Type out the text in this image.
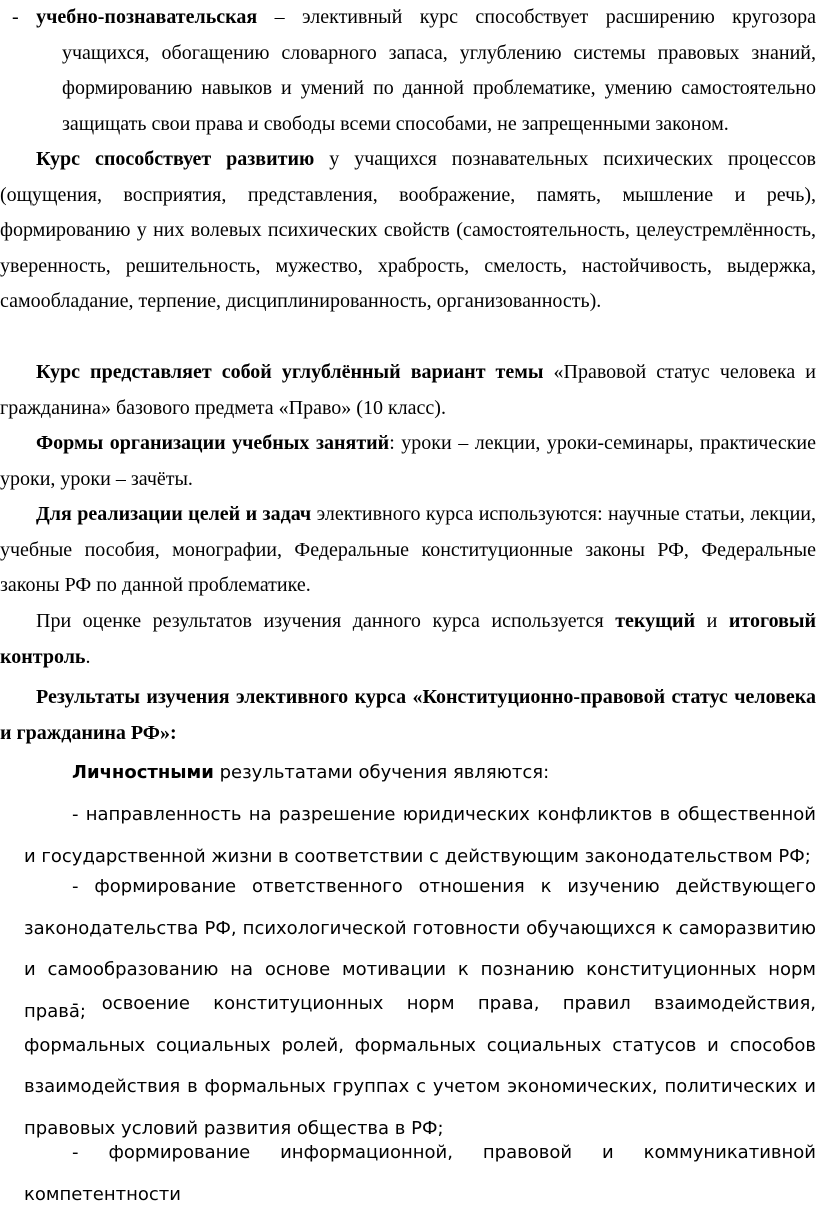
- учебно-познавательская – элективный курс способствует расширению кругозора учащихся, обогащению словарного запаса, углублению системы правовых знаний, формированию навыков и умений по данной проблематике, умению самостоятельно защищать свои права и свободы всеми способами, не запрещенными законом.

Курс способствует развитию у учащихся познавательных психических процессов (ощущения, восприятия, представления, воображение, память, мышление и речь), формированию у них волевых психических свойств (самостоятельность, целеустремлённость, уверенность, решительность, мужество, храбрость, смелость, настойчивость, выдержка, самообладание, терпение, дисциплинированность, организованность).

Курс представляет собой углублённый вариант темы «Правовой статус человека и гражданина» базового предмета «Право» (10 класс).

Формы организации учебных занятий: уроки – лекции, уроки-семинары, практические уроки, уроки – зачёты.

Для реализации целей и задач элективного курса используются: научные статьи, лекции, учебные пособия, монографии, Федеральные конституционные законы РФ, Федеральные законы РФ по данной проблематике.

При оценке результатов изучения данного курса используется текущий и итоговый контроль.

Результаты изучения элективного курса «Конституционно-правовой статус человека и гражданина РФ»:

Личностными результатами обучения являются:

- направленность на разрешение юридических конфликтов в общественной и государственной жизни в соответствии с действующим законодательством РФ;

- формирование ответственного отношения к изучению действующего законодательства РФ, психологической готовности обучающихся к саморазвитию и самообразованию на основе мотивации к познанию конституционных норм права;

- освоение конституционных норм права, правил взаимодействия, формальных социальных ролей, формальных социальных статусов и способов взаимодействия в формальных группах с учетом экономических, политических и правовых условий развития общества в РФ;

- формирование информационной, правовой и коммуникативной компетентности
